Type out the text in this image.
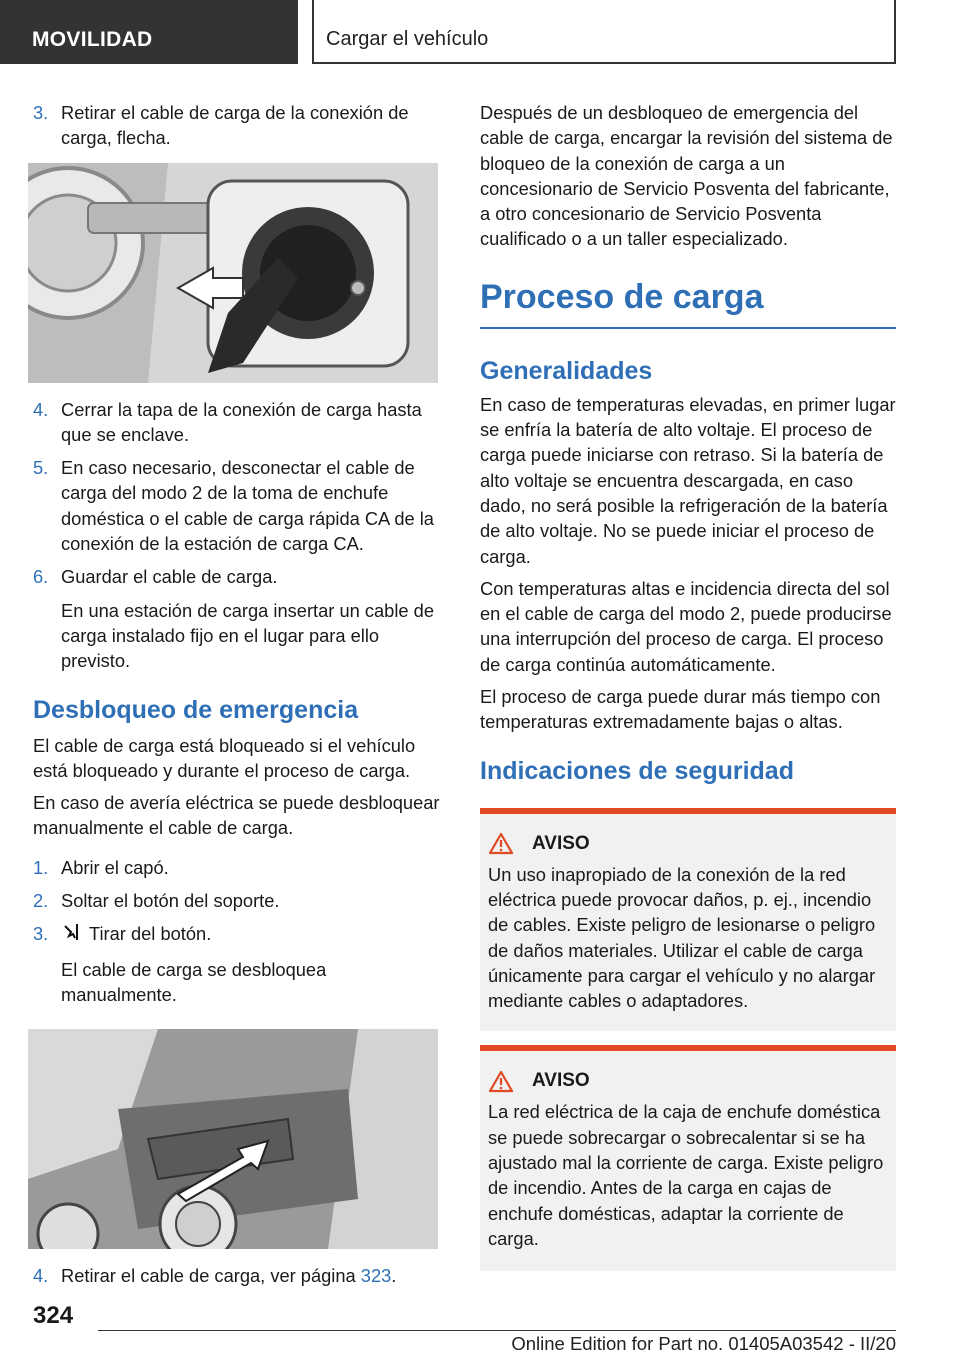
MOVILIDAD	Cargar el vehículo
3. Retirar el cable de carga de la conexión de carga, flecha.
4. Cerrar la tapa de la conexión de carga hasta que se enclave.
5. En caso necesario, desconectar el cable de carga del modo 2 de la toma de enchufe doméstica o el cable de carga rápida CA de la conexión de la estación de carga CA.
6. Guardar el cable de carga.
En una estación de carga insertar un cable de carga instalado fijo en el lugar para ello previsto.
Desbloqueo de emergencia

El cable de carga está bloqueado si el vehículo está bloqueado y durante el proceso de carga.

En caso de avería eléctrica se puede desbloquear manualmente el cable de carga.

1. Abrir el capó.
2. Soltar el botón del soporte.
3. Tirar del botón.
El cable de carga se desbloquea manualmente.
4. Retirar el cable de carga, ver página 323.

Después de un desbloqueo de emergencia del cable de carga, encargar la revisión del sistema de bloqueo de la conexión de carga a un concesionario de Servicio Posventa del fabricante, a otro concesionario de Servicio Posventa cualificado o a un taller especializado.

Proceso de carga
Generalidades

En caso de temperaturas elevadas, en primer lugar se enfría la batería de alto voltaje. El proceso de carga puede iniciarse con retraso. Si la batería de alto voltaje se encuentra descargada, en caso dado, no será posible la refrigeración de la batería de alto voltaje. No se puede iniciar el proceso de carga.

Con temperaturas altas e incidencia directa del sol en el cable de carga del modo 2, puede producirse una interrupción del proceso de carga. El proceso de carga continúa automáticamente.

El proceso de carga puede durar más tiempo con temperaturas extremadamente bajas o altas.

Indicaciones de seguridad
AVISO

Un uso inapropiado de la conexión de la red eléctrica puede provocar daños, p. ej., incendio de cables. Existe peligro de lesionarse o peligro de daños materiales. Utilizar el cable de carga únicamente para cargar el vehículo y no alargar mediante cables o adaptadores.

AVISO

La red eléctrica de la caja de enchufe doméstica se puede sobrecargar o sobrecalentar si se ha ajustado mal la corriente de carga. Existe peligro de incendio. Antes de la carga en cajas de enchufe domésticas, adaptar la corriente de carga.

324
Online Edition for Part no. 01405A03542 - II/20
